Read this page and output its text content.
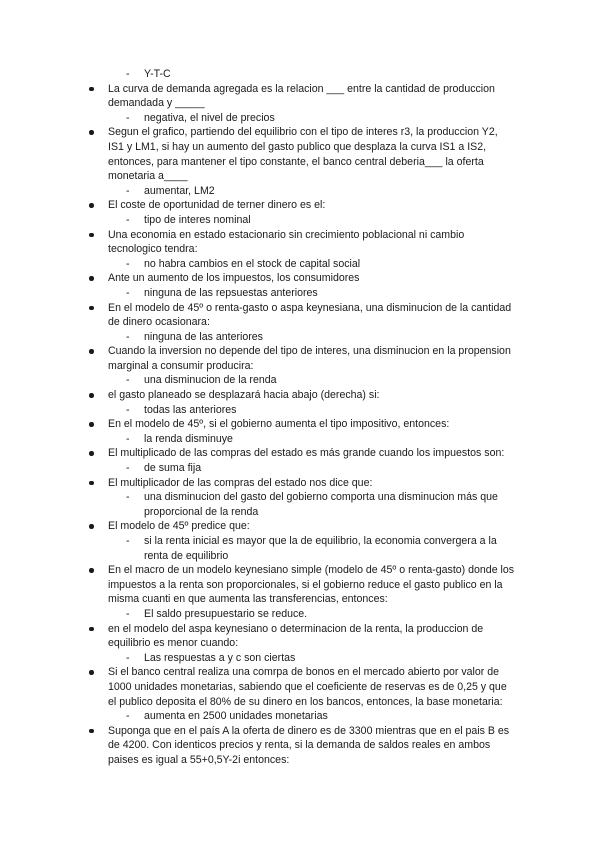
- Y-T-C
La curva de demanda agregada es la relacion ___ entre la cantidad de produccion demandada y _____
- negativa, el nivel de precios
Segun el grafico, partiendo del equilibrio con el tipo de interes r3, la produccion Y2, IS1 y LM1, si hay un aumento del gasto publico que desplaza la curva IS1 a IS2, entonces, para mantener el tipo constante, el banco central deberia___ la oferta monetaria a____
- aumentar, LM2
El coste de oportunidad de terner dinero es el:
- tipo de interes nominal
Una economia en estado estacionario sin crecimiento poblacional ni cambio tecnologico tendra:
- no habra cambios en el stock de capital social
Ante un aumento de los impuestos, los consumidores
- ninguna de las repsuestas anteriores
En el modelo de 45º o renta-gasto o aspa keynesiana, una disminucion de la cantidad de dinero ocasionara:
- ninguna de las anteriores
Cuando la inversion no depende del tipo de interes, una disminucion en la propension marginal a consumir producira:
- una disminucion de la renda
el gasto planeado se desplazará hacia abajo (derecha) si:
- todas las anteriores
En el modelo de 45º, si el gobierno aumenta el tipo impositivo, entonces:
- la renda disminuye
El multiplicado de las compras del estado es más grande cuando los impuestos son:
- de suma fija
El multiplicador de las compras del estado nos dice que:
- una disminucion del gasto del gobierno comporta una disminucion más que proporcional de la renda
El modelo de 45º predice que:
- si la renta inicial es mayor que la de equilibrio, la economia convergera a la renta de equilibrio
En el macro de un modelo keynesiano simple (modelo de 45º o renta-gasto) donde los impuestos a la renta son proporcionales, si el gobierno reduce el gasto publico en la misma cuanti en que aumenta las transferencias, entonces:
- El saldo presupuestario se reduce.
en el modelo del aspa keynesiano o determinacion de la renta, la produccion de equilibrio es menor cuando:
- Las respuestas a y c son ciertas
Si el banco central realiza una comrpa de bonos en el mercado abierto por valor de 1000 unidades monetarias, sabiendo que el coeficiente de reservas es de 0,25 y que el publico deposita el 80% de su dinero en los bancos, entonces, la base monetaria:
- aumenta en 2500 unidades monetarias
Suponga que en el país A la oferta de dinero es de 3300 mientras que en el pais B es de 4200. Con identicos precios y renta, si la demanda de saldos reales en ambos paises es igual a 55+0,5Y-2i entonces:
